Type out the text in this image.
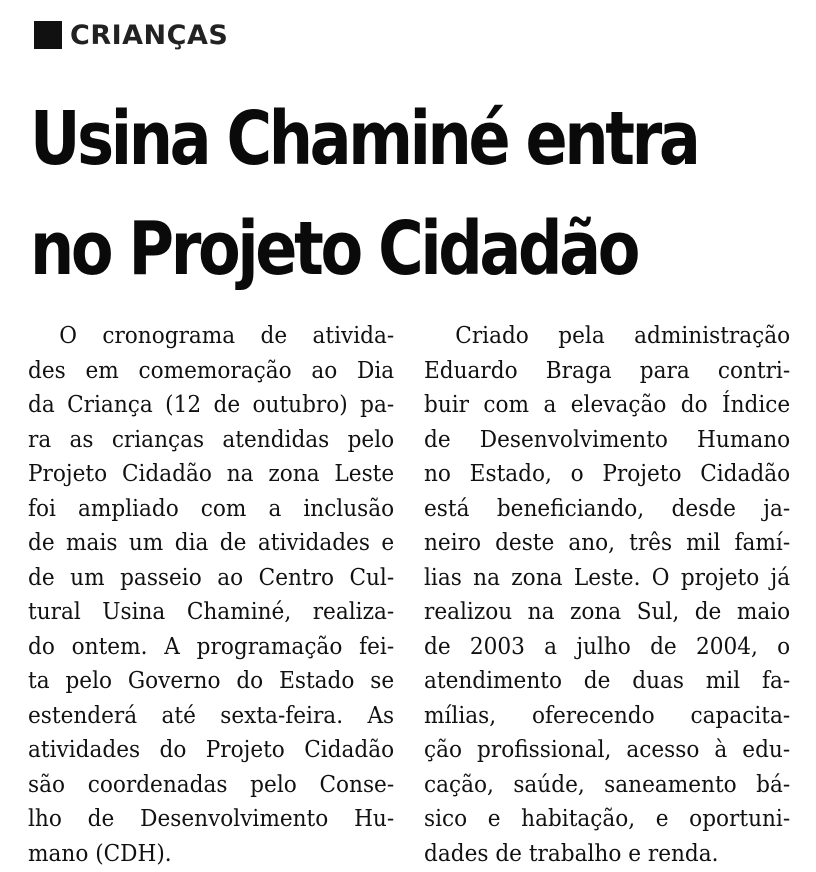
CRIANÇAS
Usina Chaminé entra
no Projeto Cidadão
O cronograma de ativida-
des em comemoração ao Dia
da Criança (12 de outubro) pa-
ra as crianças atendidas pelo
Projeto Cidadão na zona Leste
foi ampliado com a inclusão
de mais um dia de atividades e
de um passeio ao Centro Cul-
tural Usina Chaminé, realiza-
do ontem. A programação fei-
ta pelo Governo do Estado se
estenderá até sexta-feira. As
atividades do Projeto Cidadão
são coordenadas pelo Conse-
lho de Desenvolvimento Hu-
mano (CDH).
Criado pela administração
Eduardo Braga para contri-
buir com a elevação do Índice
de Desenvolvimento Humano
no Estado, o Projeto Cidadão
está beneficiando, desde ja-
neiro deste ano, três mil famí-
lias na zona Leste. O projeto já
realizou na zona Sul, de maio
de 2003 a julho de 2004, o
atendimento de duas mil fa-
mílias, oferecendo capacita-
ção profissional, acesso à edu-
cação, saúde, saneamento bá-
sico e habitação, e oportuni-
dades de trabalho e renda.
